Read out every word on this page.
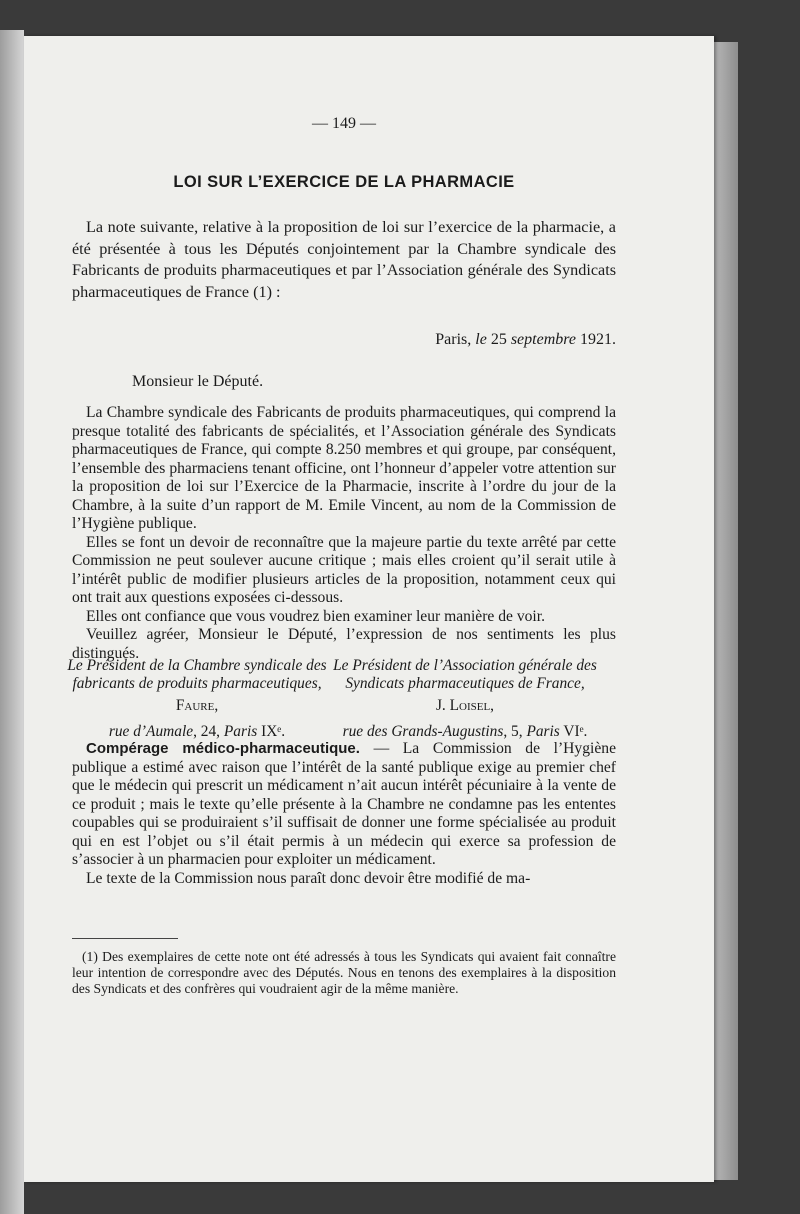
— 149 —
LOI SUR L’EXERCICE DE LA PHARMACIE

La note suivante, relative à la proposition de loi sur l’exercice de la pharmacie, a été présentée à tous les Députés conjointement par la Chambre syndicale des Fabricants de produits pharmaceutiques et par l’Association générale des Syndicats pharmaceutiques de France (1) :

Paris, le 25 septembre 1921.
Monsieur le Député.

La Chambre syndicale des Fabricants de produits pharmaceutiques, qui comprend la presque totalité des fabricants de spécialités, et l’Association générale des Syndicats pharmaceutiques de France, qui compte 8.250 membres et qui groupe, par conséquent, l’ensemble des pharmaciens tenant officine, ont l’honneur d’appeler votre attention sur la proposition de loi sur l’Exercice de la Pharmacie, inscrite à l’ordre du jour de la Chambre, à la suite d’un rapport de M. Emile Vincent, au nom de la Commission de l’Hygiène publique.

Elles se font un devoir de reconnaître que la majeure partie du texte arrêté par cette Commission ne peut soulever aucune critique ; mais elles croient qu’il serait utile à l’intérêt public de modifier plusieurs articles de la proposition, notamment ceux qui ont trait aux questions exposées ci-dessous.

Elles ont confiance que vous voudrez bien examiner leur manière de voir.

Veuillez agréer, Monsieur le Député, l’expression de nos sentiments les plus distingués.

Le Président de la Chambre syndicale des fabricants de produits pharmaceutiques,
Faure,
rue d’Aumale, 24, Paris IXᵉ.
Le Président de l’Association générale des Syndicats pharmaceutiques de France,
J. Loisel,
rue des Grands-Augustins, 5, Paris VIᵉ.

Compérage médico-pharmaceutique. — La Commission de l’Hygiène publique a estimé avec raison que l’intérêt de la santé publique exige au premier chef que le médecin qui prescrit un médicament n’ait aucun intérêt pécuniaire à la vente de ce produit ; mais le texte qu’elle présente à la Chambre ne condamne pas les ententes coupables qui se produiraient s’il suffisait de donner une forme spécialisée au produit qui en est l’objet ou s’il était permis à un médecin qui exerce sa profession de s’associer à un pharmacien pour exploiter un médicament.

Le texte de la Commission nous paraît donc devoir être modifié de ma-

(1) Des exemplaires de cette note ont été adressés à tous les Syndicats qui avaient fait connaître leur intention de correspondre avec des Députés. Nous en tenons des exemplaires à la disposition des Syndicats et des confrères qui voudraient agir de la même manière.
